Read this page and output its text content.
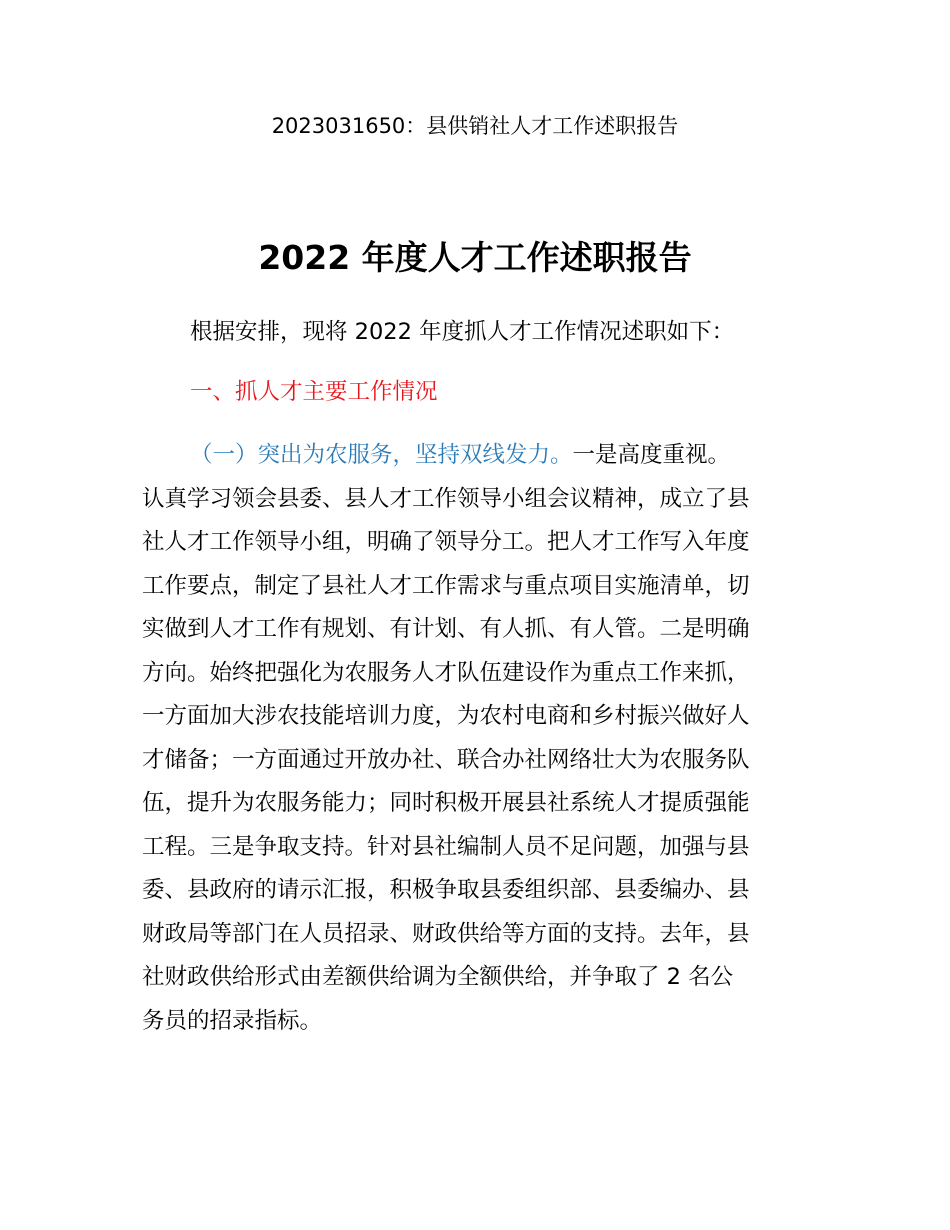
2023031650：县供销社人才工作述职报告
2022 年度人才工作述职报告
根据安排，现将 2022 年度抓人才工作情况述职如下：
一、抓人才主要工作情况
（一）突出为农服务，坚持双线发力。一是高度重视。
认真学习领会县委、县人才工作领导小组会议精神，成立了县
社人才工作领导小组，明确了领导分工。把人才工作写入年度
工作要点，制定了县社人才工作需求与重点项目实施清单，切
实做到人才工作有规划、有计划、有人抓、有人管。二是明确
方向。始终把强化为农服务人才队伍建设作为重点工作来抓，
一方面加大涉农技能培训力度，为农村电商和乡村振兴做好人
才储备；一方面通过开放办社、联合办社网络壮大为农服务队
伍，提升为农服务能力；同时积极开展县社系统人才提质强能
工程。三是争取支持。针对县社编制人员不足问题，加强与县
委、县政府的请示汇报，积极争取县委组织部、县委编办、县
财政局等部门在人员招录、财政供给等方面的支持。去年，县
社财政供给形式由差额供给调为全额供给，并争取了 2 名公
务员的招录指标。
